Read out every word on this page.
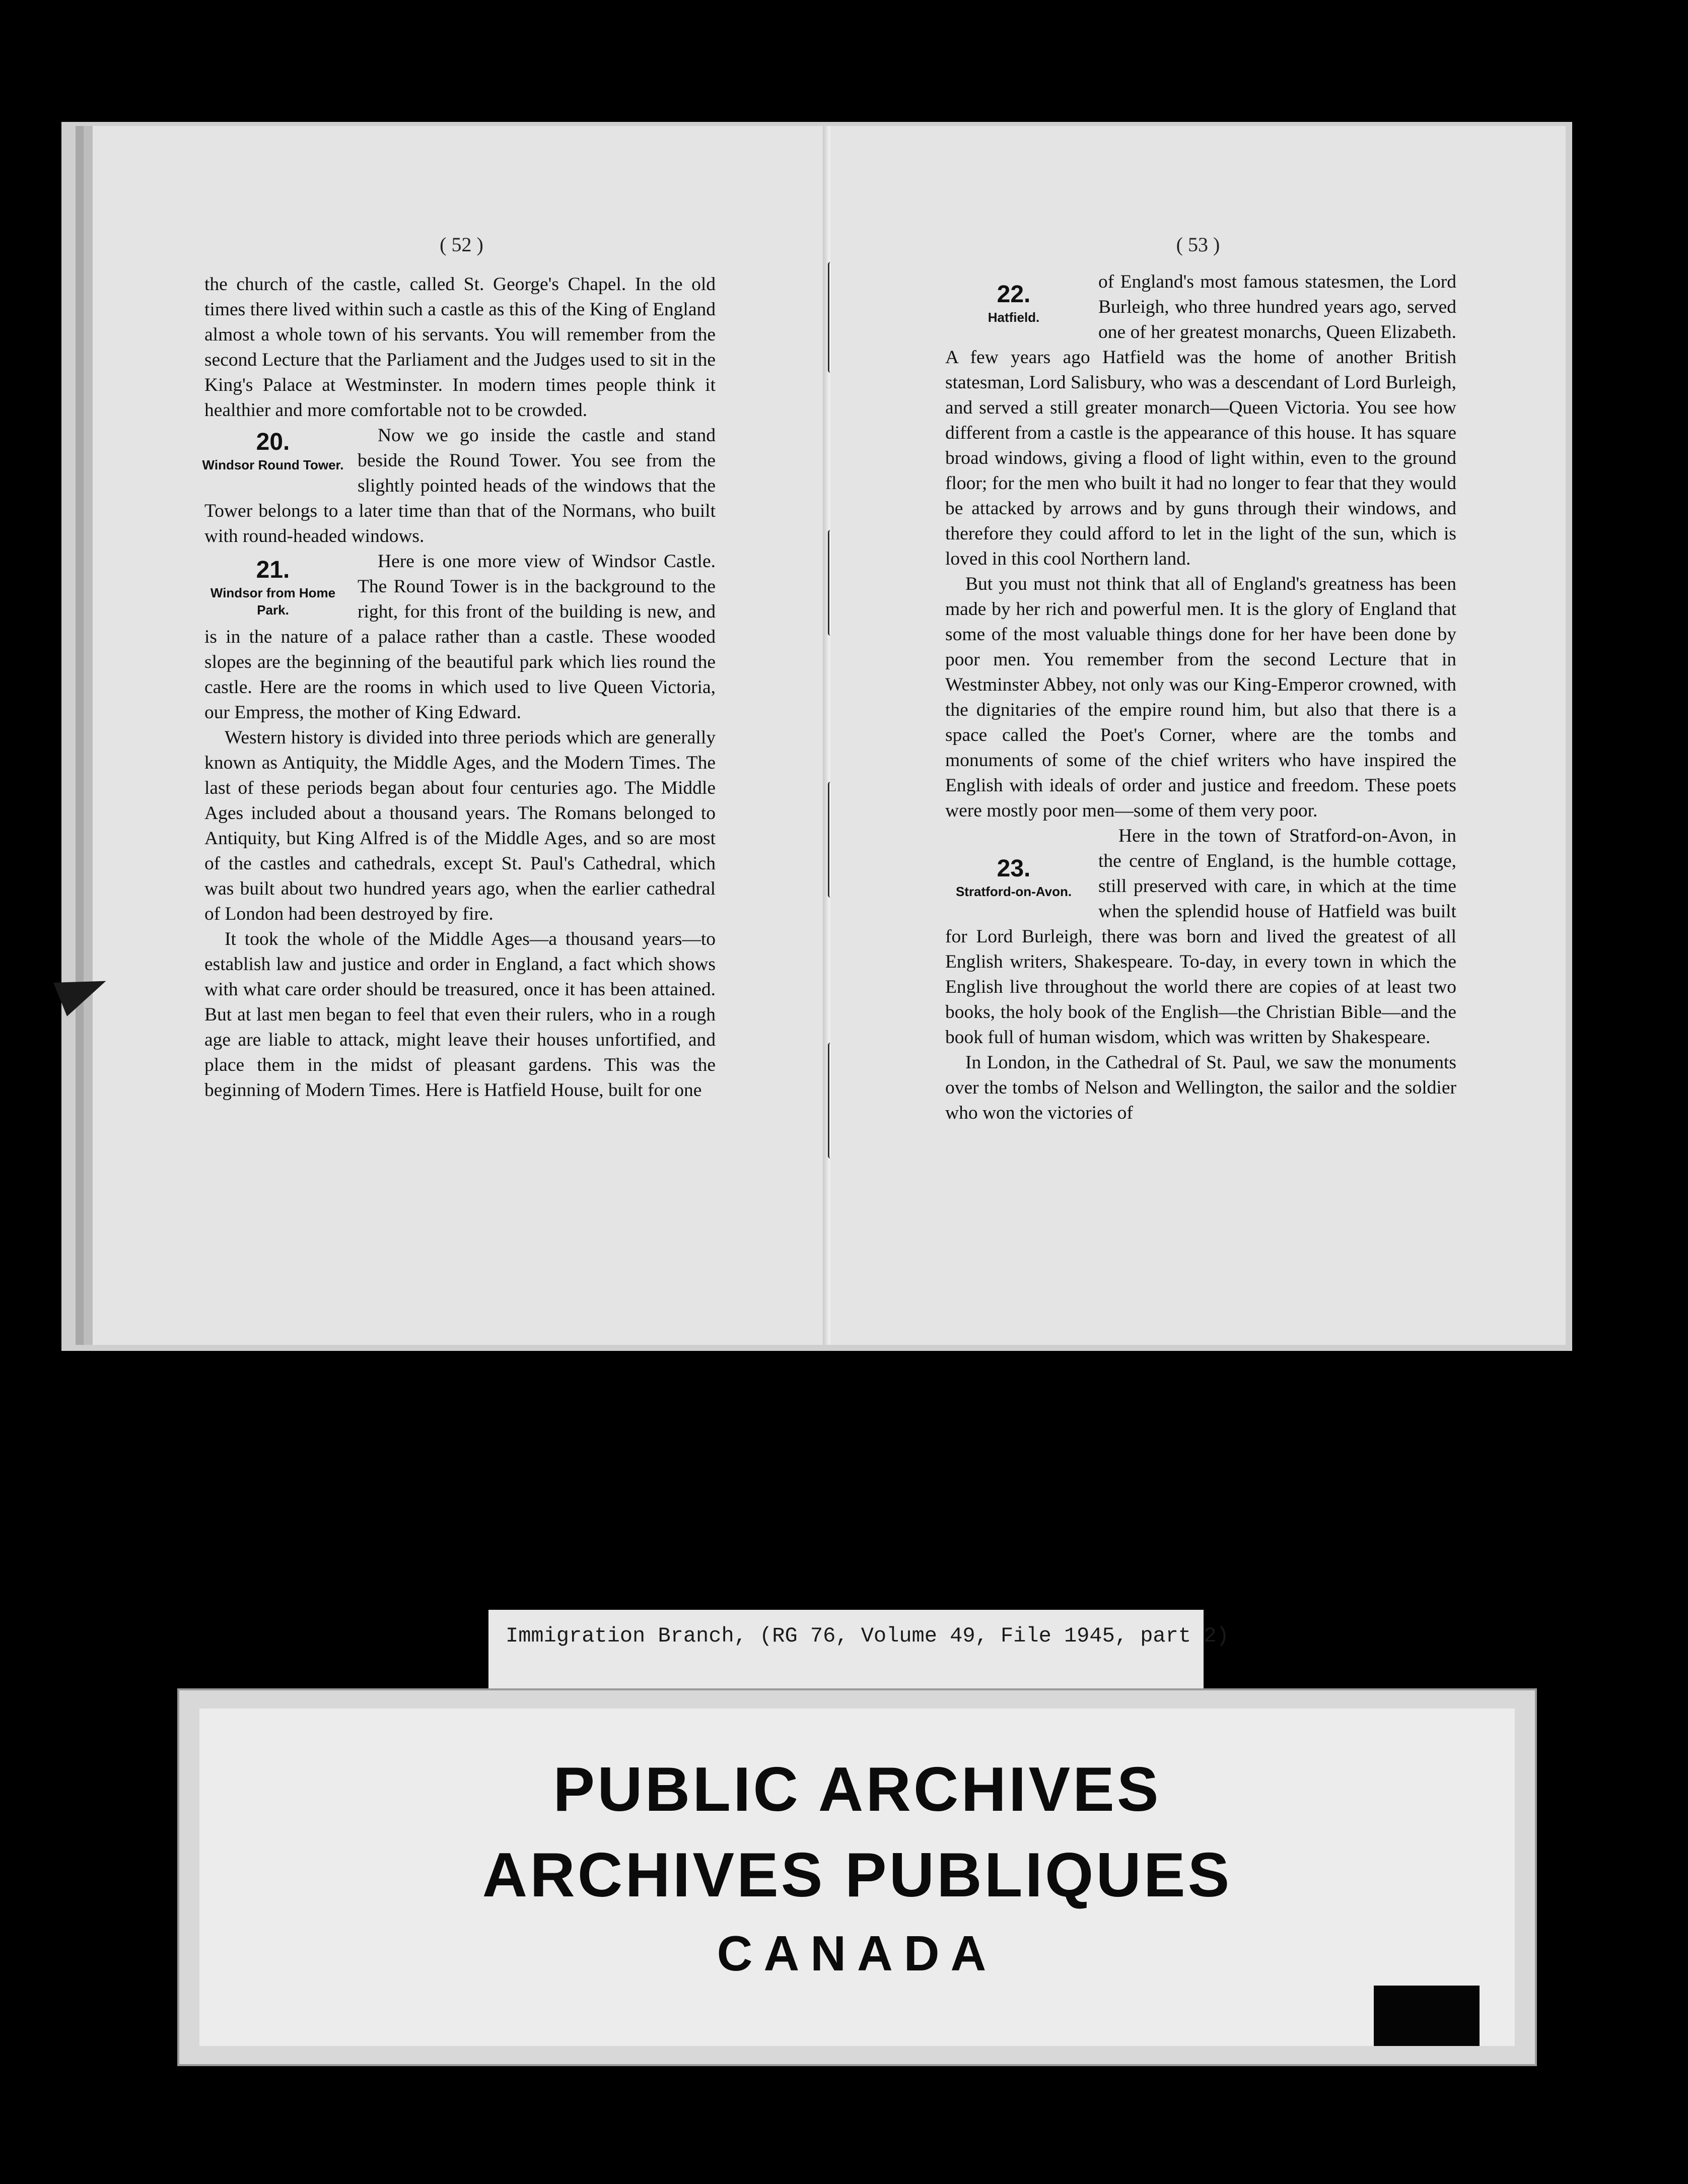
( 52 )

the church of the castle, called St. George's Chapel. In the old times there lived within such a castle as this of the King of England almost a whole town of his servants. You will remember from the second Lecture that the Parliament and the Judges used to sit in the King's Palace at Westminster. In modern times people think it healthier and more comfortable not to be crowded.

20.
Windsor Round Tower.

Now we go inside the castle and stand beside the Round Tower. You see from the slightly pointed heads of the windows that the Tower belongs to a later time than that of the Normans, who built with round-headed windows.

21.
Windsor from Home Park.

Here is one more view of Windsor Castle. The Round Tower is in the background to the right, for this front of the building is new, and is in the nature of a palace rather than a castle. These wooded slopes are the beginning of the beautiful park which lies round the castle. Here are the rooms in which used to live Queen Victoria, our Empress, the mother of King Edward.

Western history is divided into three periods which are generally known as Antiquity, the Middle Ages, and the Modern Times. The last of these periods began about four centuries ago. The Middle Ages included about a thousand years. The Romans belonged to Antiquity, but King Alfred is of the Middle Ages, and so are most of the castles and cathedrals, except St. Paul's Cathedral, which was built about two hundred years ago, when the earlier cathedral of London had been destroyed by fire.

It took the whole of the Middle Ages—a thousand years—to establish law and justice and order in England, a fact which shows with what care order should be treasured, once it has been attained. But at last men began to feel that even their rulers, who in a rough age are liable to attack, might leave their houses unfortified, and place them in the midst of pleasant gardens. This was the beginning of Modern Times. Here is Hatfield House, built for one

( 53 )
22.
Hatfield.

of England's most famous statesmen, the Lord Burleigh, who three hundred years ago, served one of her greatest monarchs, Queen Elizabeth. A few years ago Hatfield was the home of another British statesman, Lord Salisbury, who was a descendant of Lord Burleigh, and served a still greater monarch—Queen Victoria. You see how different from a castle is the appearance of this house. It has square broad windows, giving a flood of light within, even to the ground floor; for the men who built it had no longer to fear that they would be attacked by arrows and by guns through their windows, and therefore they could afford to let in the light of the sun, which is loved in this cool Northern land.

But you must not think that all of England's greatness has been made by her rich and powerful men. It is the glory of England that some of the most valuable things done for her have been done by poor men. You remember from the second Lecture that in Westminster Abbey, not only was our King-Emperor crowned, with the dignitaries of the empire round him, but also that there is a space called the Poet's Corner, where are the tombs and monuments of some of the chief writers who have inspired the English with ideals of order and justice and freedom. These poets were mostly poor men—some of them very poor.

23.
Stratford-on-Avon.

Here in the town of Stratford-on-Avon, in the centre of England, is the humble cottage, still preserved with care, in which at the time when the splendid house of Hatfield was built for Lord Burleigh, there was born and lived the greatest of all English writers, Shakespeare. To-day, in every town in which the English live throughout the world there are copies of at least two books, the holy book of the English—the Christian Bible—and the book full of human wisdom, which was written by Shakespeare.

In London, in the Cathedral of St. Paul, we saw the monuments over the tombs of Nelson and Wellington, the sailor and the soldier who won the victories of

Immigration Branch, (RG 76, Volume 49, File 1945, part 2)
PUBLIC ARCHIVES
ARCHIVES PUBLIQUES
CANADA
